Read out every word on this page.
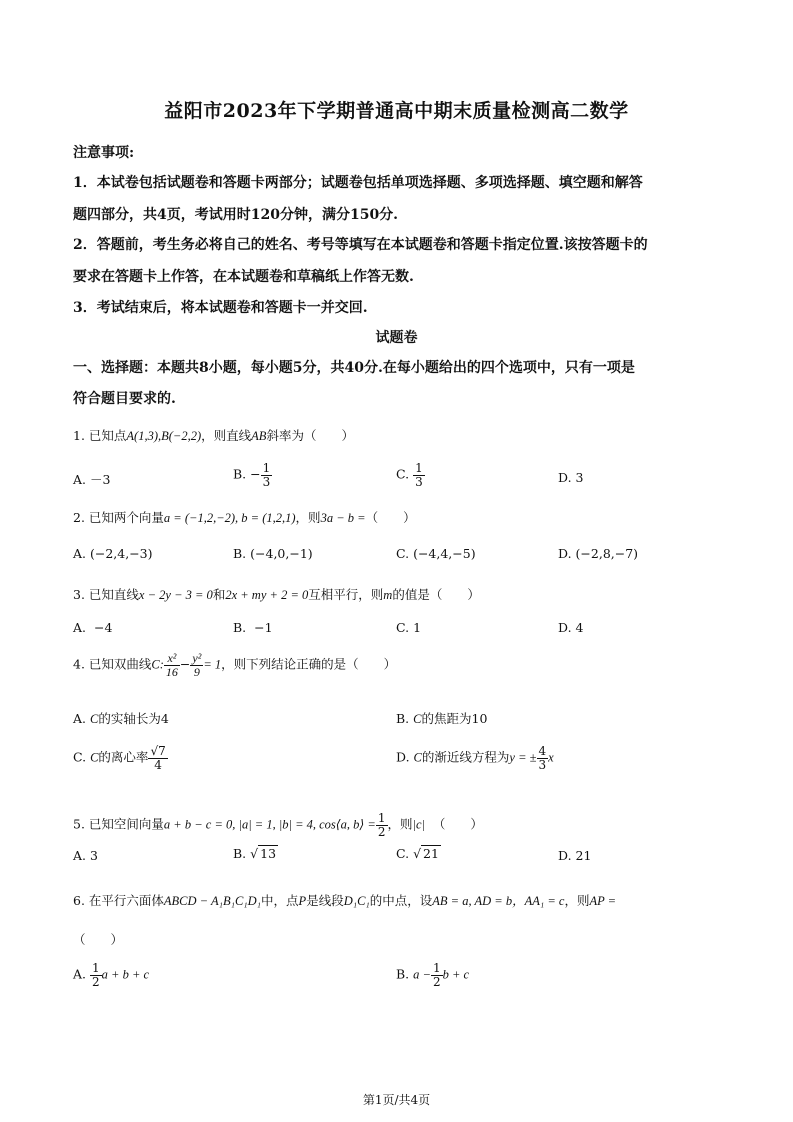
益阳市2023年下学期普通高中期末质量检测高二数学
注意事项:
1．本试卷包括试题卷和答题卡两部分；试题卷包括单项选择题、多项选择题、填空题和解答
题四部分，共4页，考试用时120分钟，满分150分.
2．答题前，考生务必将自己的姓名、考号等填写在本试题卷和答题卡指定位置.该按答题卡的
要求在答题卡上作答，在本试题卷和草稿纸上作答无数.
3．考试结束后，将本试题卷和答题卡一并交回.
试题卷
一、选择题：本题共8小题，每小题5分，共40分.在每小题给出的四个选项中，只有一项是
符合题目要求的.
1. 已知点A(1,3),B(−2,2)，则直线AB斜率为（　　）
A. －3	B. − $\frac{1}{3}$	C. $\frac{1}{3}$	D. 3
2. 已知两个向量a = (−1,2,−2), b = (1,2,1)，则3a − b =（　　）
A. (−2,4,−3)	B. (−4,0,−1)	C. (−4,4,−5)	D. (−2,8,−7)
3. 已知直线x − 2y − 3 = 0和2x + my + 2 = 0互相平行，则m的值是（　　）
A. −4	B. −1	C. 1	D. 4
4. 已知双曲线C: $\frac{\text{x²}}{16} - \frac{\text{y²}}{9} = 1$，则下列结论正确的是（　　）
A. C的实轴长为4	B. C的焦距为10
C. C的离心率 $\frac{√7}{4}$	D. C的渐近线方程为y = ± $\frac{4}{3}$ x
5. 已知空间向量a + b − c = 0, |a| = 1, |b| = 4, cos⟨a, b⟩ = $\frac{1}{2}$ ，则|c| （　　）
A. 3	B. √ 13	C. √ 21	D. 21
6. 在平行六面体ABCD − A₁B₁C₁D₁中，点P是线段D₁C₁的中点，设AB = a, AD = b，AA₁ = c，则AP =
（　　）
A. $\frac{1}{2}$ a + b + c	B. $a - \frac{1}{2}$ b + c
第1页/共4页
